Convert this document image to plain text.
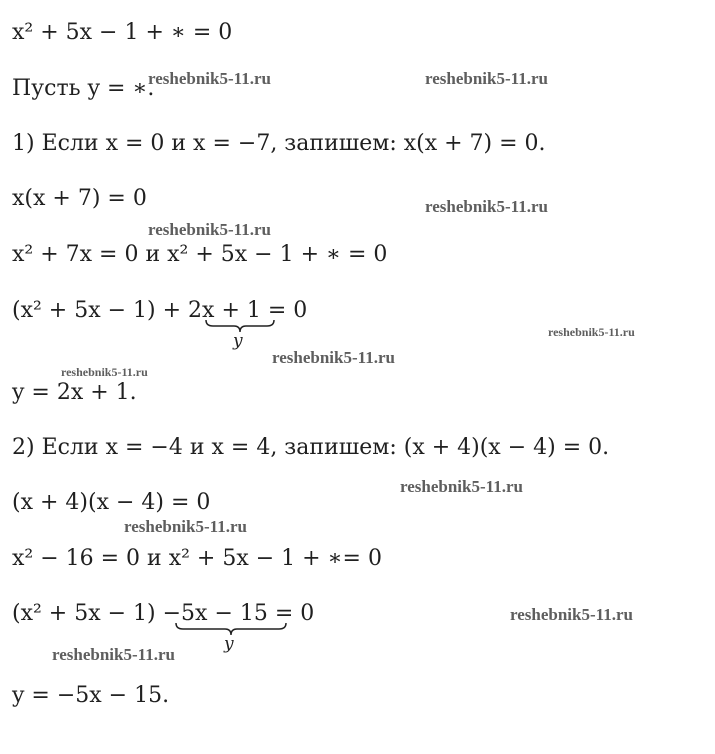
x² + 5x − 1 + ∗ = 0
Пусть y = ∗.
1) Если x = 0 и x = −7, запишем: x(x + 7) = 0.
x(x + 7) = 0
x² + 7x = 0 и x² + 5x − 1 + ∗ = 0
(x² + 5x − 1) + 2x + 1 = 0
y = 2x + 1.
2) Если x = −4 и x = 4, запишем: (x + 4)(x − 4) = 0.
(x + 4)(x − 4) = 0
x² − 16 = 0 и x² + 5x − 1 + ∗= 0
(x² + 5x − 1) −5x − 15 = 0
y = −5x − 15.
y
y
reshebnik5-11.ru	reshebnik5-11.ru
reshebnik5-11.ru
reshebnik5-11.ru
reshebnik5-11.ru
reshebnik5-11.ru
reshebnik5-11.ru
reshebnik5-11.ru
reshebnik5-11.ru
reshebnik5-11.ru
reshebnik5-11.ru
